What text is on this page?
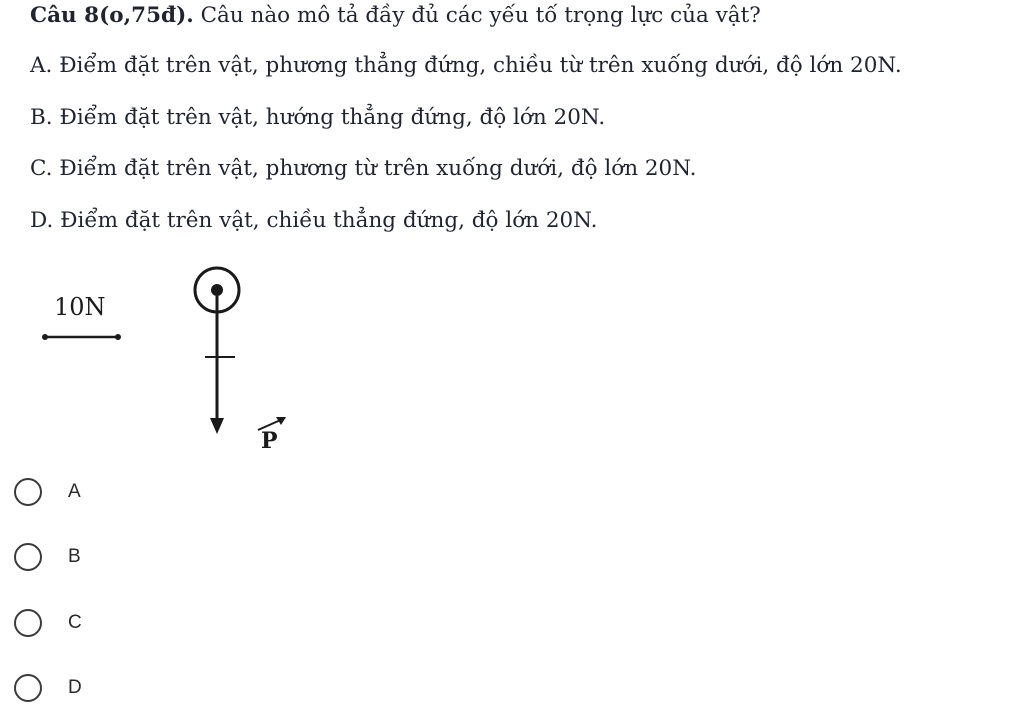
Câu 8(o,75đ). Câu nào mô tả đầy đủ các yếu tố trọng lực của vật?
A. Điểm đặt trên vật, phương thẳng đứng, chiều từ trên xuống dưới, độ lớn 20N.
B. Điểm đặt trên vật, hướng thẳng đứng, độ lớn 20N.
C. Điểm đặt trên vật, phương từ trên xuống dưới, độ lớn 20N.
D. Điểm đặt trên vật, chiều thẳng đứng, độ lớn 20N.
10N
P
A
B
C
D
